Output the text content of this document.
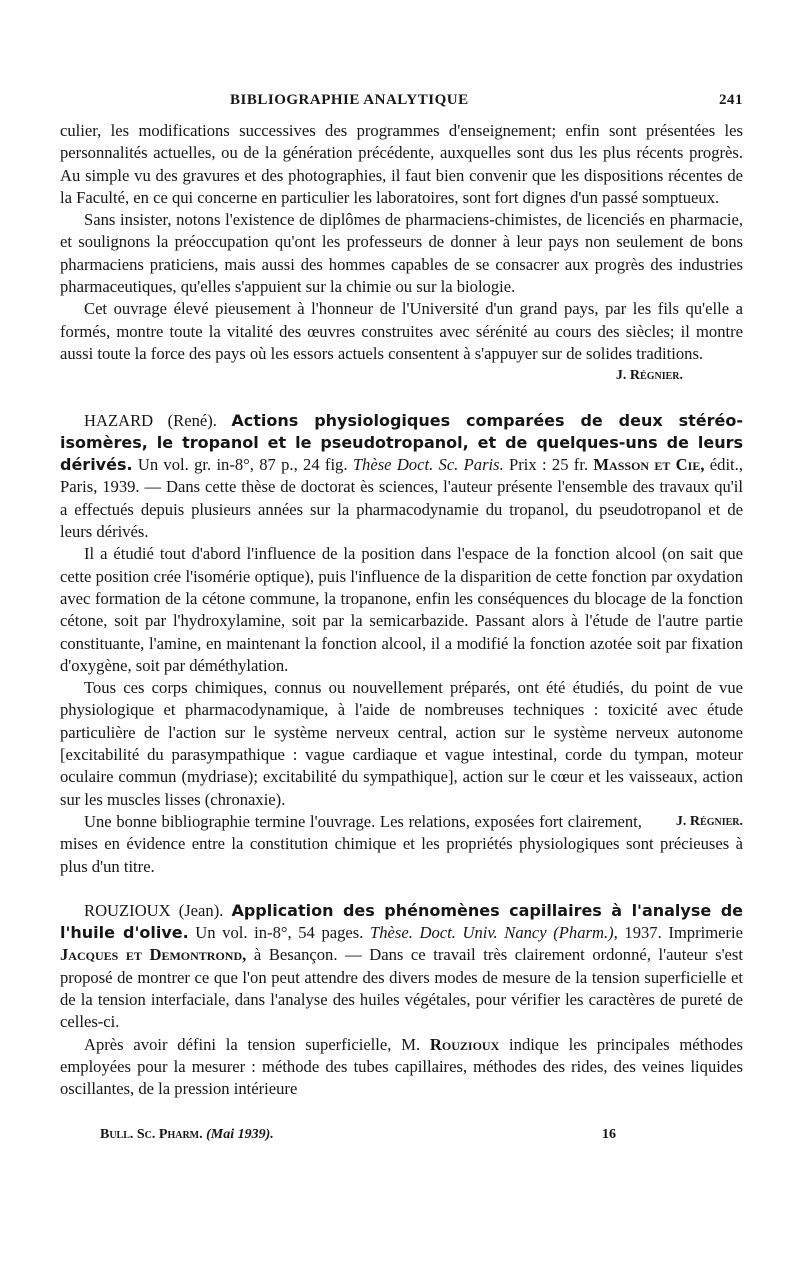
BIBLIOGRAPHIE ANALYTIQUE	241

culier, les modifications successives des programmes d'enseignement; enfin sont présentées les personnalités actuelles, ou de la génération précédente, auxquelles sont dus les plus récents progrès. Au simple vu des gravures et des photographies, il faut bien convenir que les dispositions récentes de la Faculté, en ce qui concerne en particulier les laboratoires, sont fort dignes d'un passé somptueux.

Sans insister, notons l'existence de diplômes de pharmaciens-chimistes, de licenciés en pharmacie, et soulignons la préoccupation qu'ont les professeurs de donner à leur pays non seulement de bons pharmaciens praticiens, mais aussi des hommes capables de se consacrer aux progrès des industries pharmaceutiques, qu'elles s'appuient sur la chimie ou sur la biologie.

Cet ouvrage élevé pieusement à l'honneur de l'Université d'un grand pays, par les fils qu'elle a formés, montre toute la vitalité des œuvres construites avec sérénité au cours des siècles; il montre aussi toute la force des pays où les essors actuels consentent à s'appuyer sur de solides traditions.

J. Régnier.

HAZARD (René). Actions physiologiques comparées de deux stéréo-isomères, le tropanol et le pseudotropanol, et de quelques-uns de leurs dérivés. Un vol. gr. in-8°, 87 p., 24 fig. Thèse Doct. Sc. Paris. Prix : 25 fr. Masson et Cie, édit., Paris, 1939. — Dans cette thèse de doctorat ès sciences, l'auteur présente l'ensemble des travaux qu'il a effectués depuis plusieurs années sur la pharmacodynamie du tropanol, du pseudotropanol et de leurs dérivés.

Il a étudié tout d'abord l'influence de la position dans l'espace de la fonction alcool (on sait que cette position crée l'isomérie optique), puis l'influence de la disparition de cette fonction par oxydation avec formation de la cétone commune, la tropanone, enfin les conséquences du blocage de la fonction cétone, soit par l'hydroxylamine, soit par la semicarbazide. Passant alors à l'étude de l'autre partie constituante, l'amine, en maintenant la fonction alcool, il a modifié la fonction azotée soit par fixation d'oxygène, soit par déméthylation.

Tous ces corps chimiques, connus ou nouvellement préparés, ont été étudiés, du point de vue physiologique et pharmacodynamique, à l'aide de nombreuses techniques : toxicité avec étude particulière de l'action sur le système nerveux central, action sur le système nerveux autonome [excitabilité du parasympathique : vague cardiaque et vague intestinal, corde du tympan, moteur oculaire commun (mydriase); excitabilité du sympathique], action sur le cœur et les vaisseaux, action sur les muscles lisses (chronaxie).

J. Régnier.
Une bonne bibliographie termine l'ouvrage. Les relations, exposées fort clairement, mises en évidence entre la constitution chimique et les propriétés physiologiques sont précieuses à plus d'un titre.

ROUZIOUX (Jean). Application des phénomènes capillaires à l'analyse de l'huile d'olive. Un vol. in-8°, 54 pages. Thèse. Doct. Univ. Nancy (Pharm.), 1937. Imprimerie Jacques et Demontrond, à Besançon. — Dans ce travail très clairement ordonné, l'auteur s'est proposé de montrer ce que l'on peut attendre des divers modes de mesure de la tension superficielle et de la tension interfaciale, dans l'analyse des huiles végétales, pour vérifier les caractères de pureté de celles-ci.

Après avoir défini la tension superficielle, M. Rouzioux indique les principales méthodes employées pour la mesurer : méthode des tubes capillaires, méthodes des rides, des veines liquides oscillantes, de la pression intérieure

Bull. Sc. Pharm. (Mai 1939).	16
